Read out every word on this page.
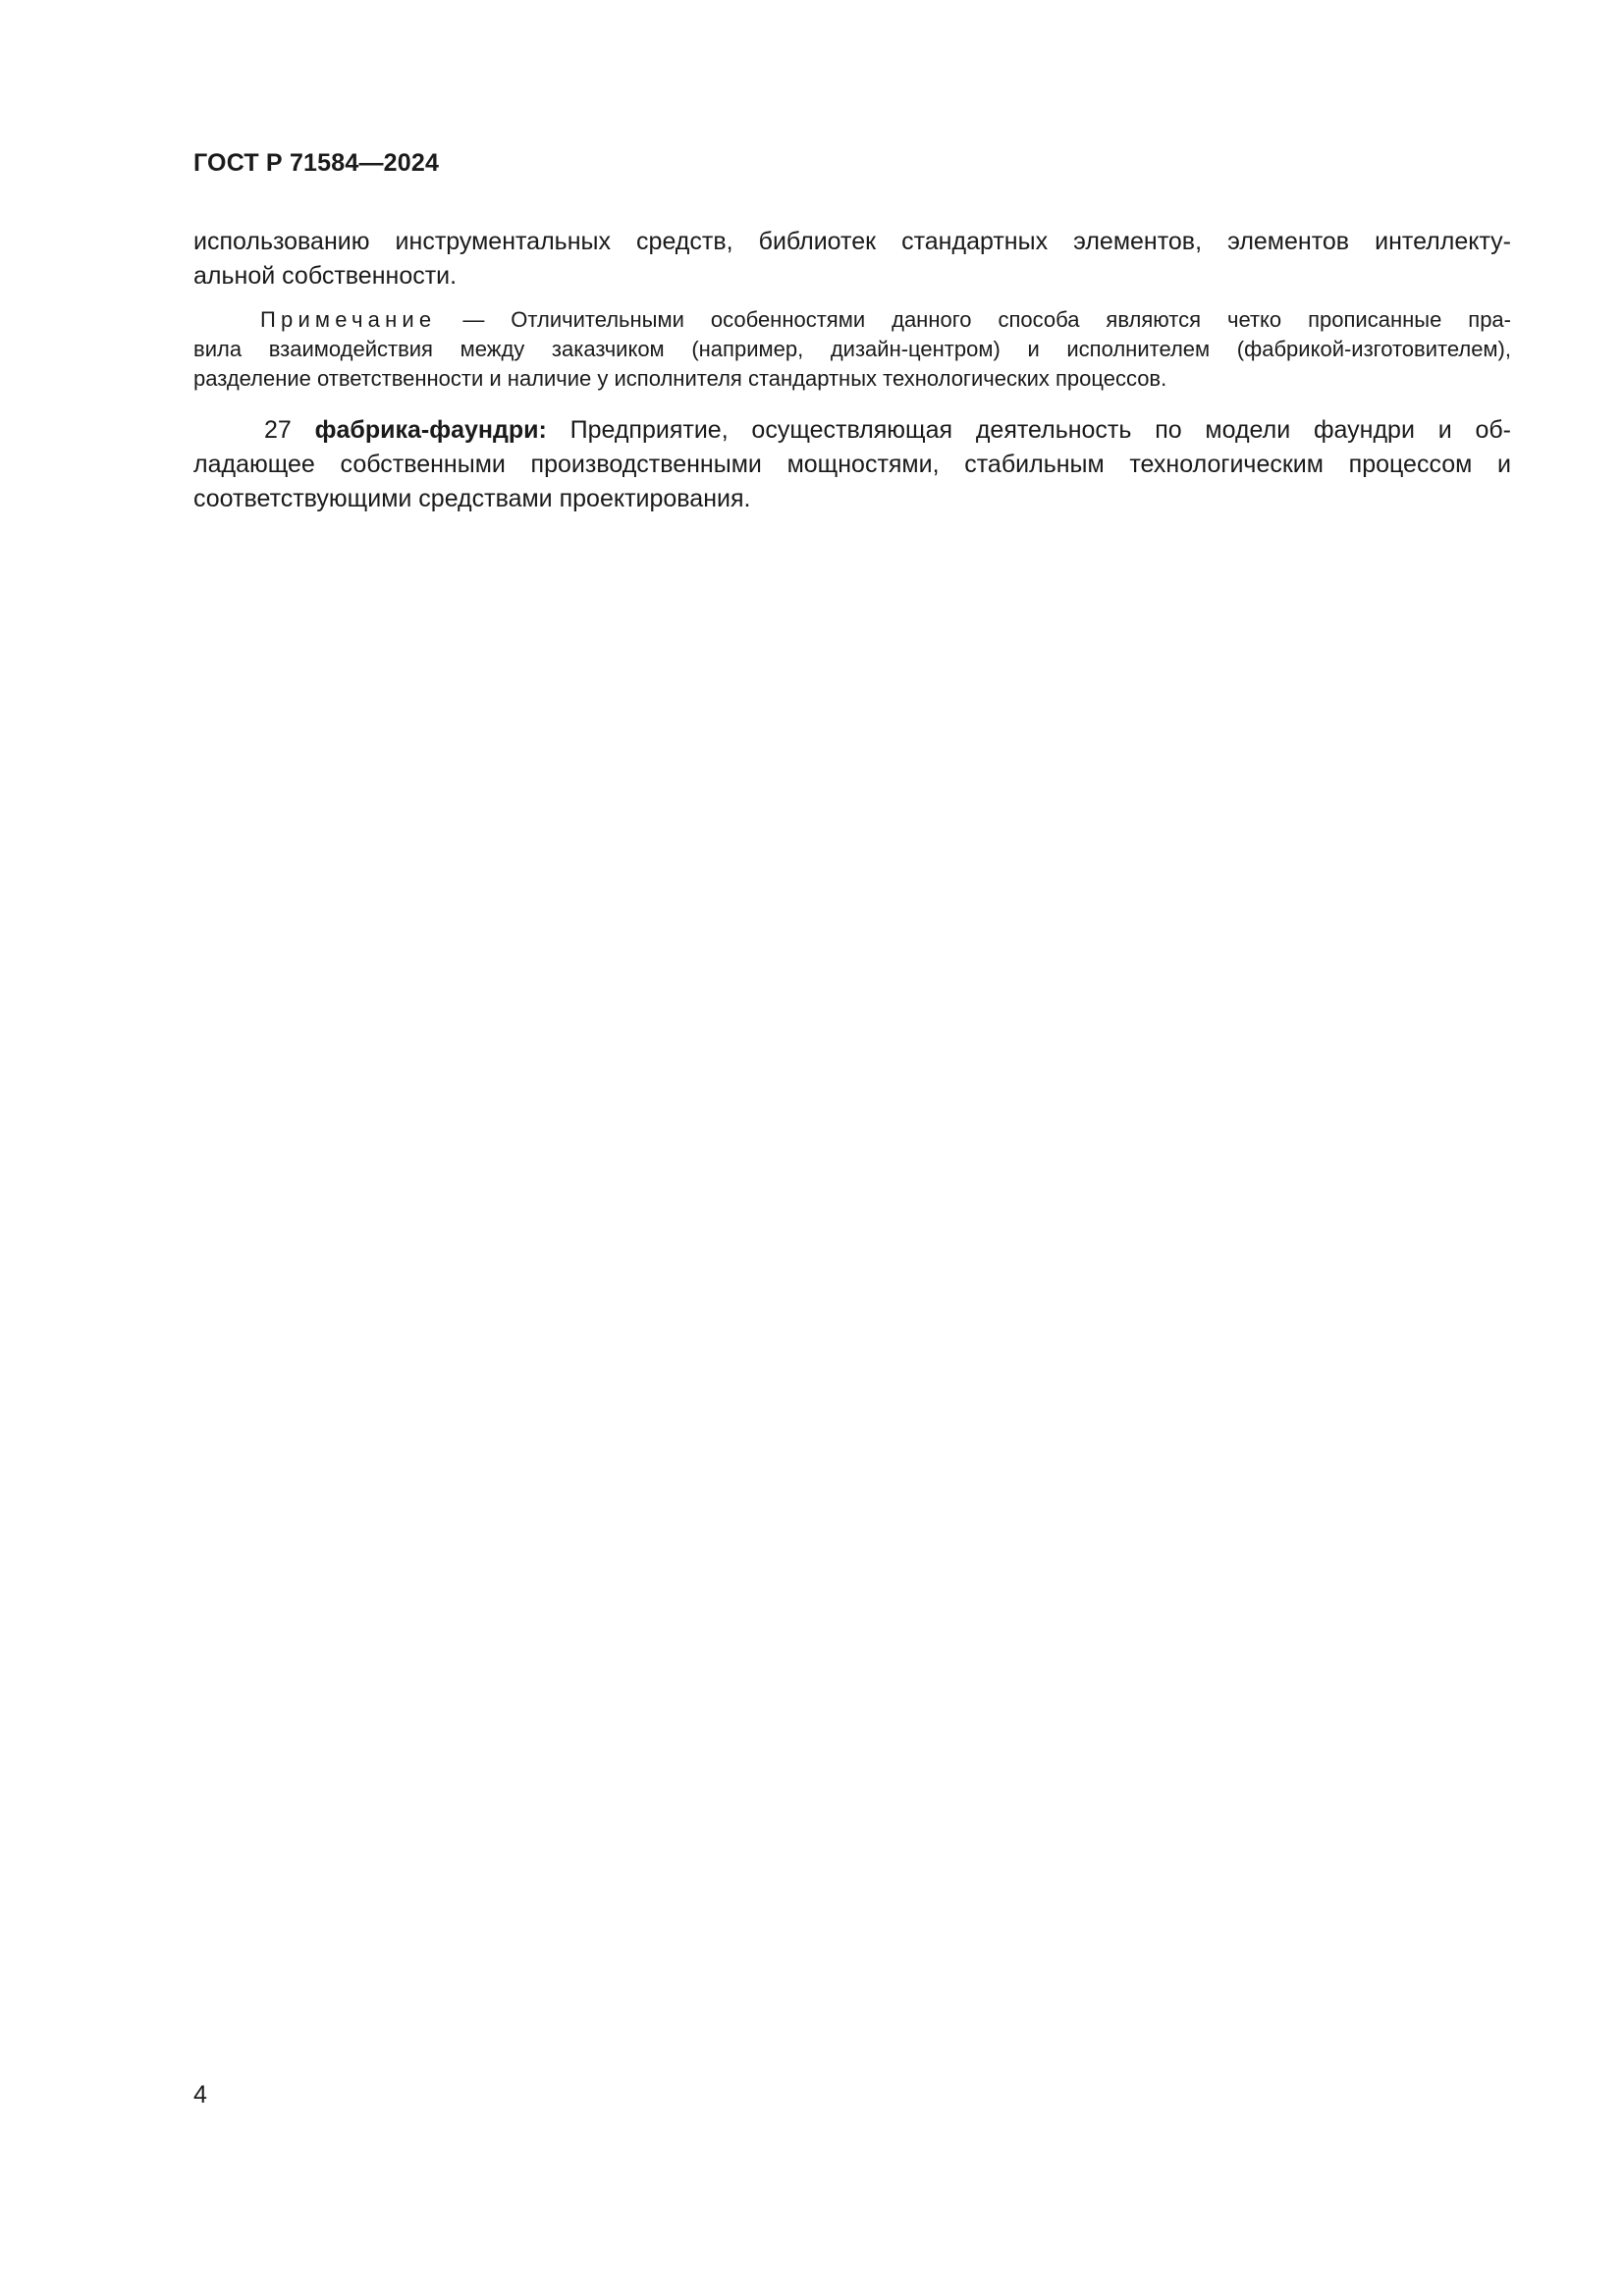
ГОСТ Р 71584—2024
использованию инструментальных средств, библиотек стандартных элементов, элементов интеллекту-
альной собственности.
Примечание — Отличительными особенностями данного способа являются четко прописанные пра-
вила взаимодействия между заказчиком (например, дизайн-центром) и исполнителем (фабрикой-изготовителем),
разделение ответственности и наличие у исполнителя стандартных технологических процессов.
27 фабрика-фаундри: Предприятие, осуществляющая деятельность по модели фаундри и об-
ладающее собственными производственными мощностями, стабильным технологическим процессом и
соответствующими средствами проектирования.
4
